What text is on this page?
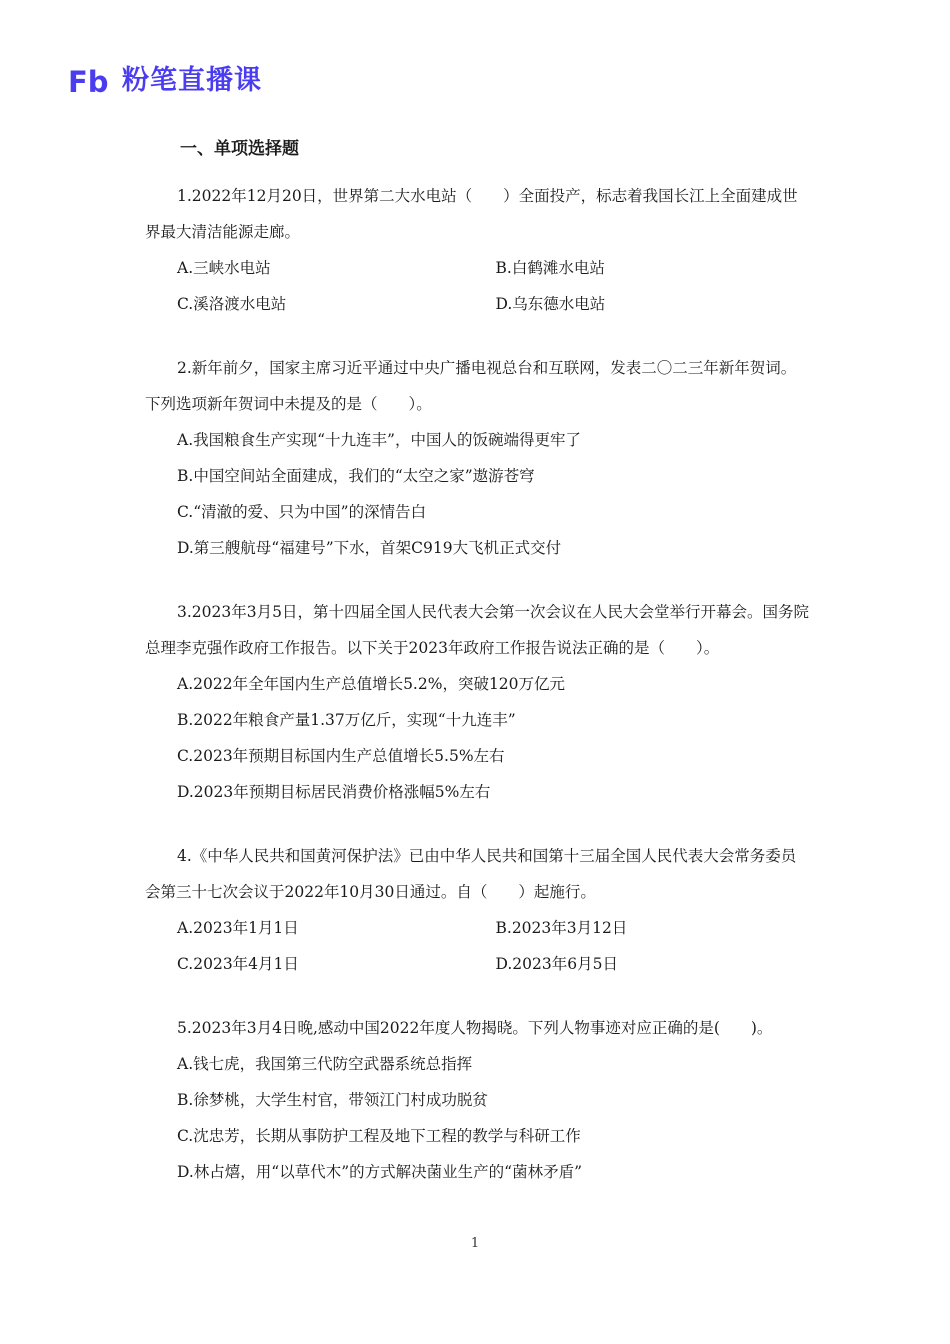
Fb 粉笔直播课
一、单项选择题
1.2022年12月20日，世界第二大水电站（　　）全面投产，标志着我国长江上全面建成世界最大清洁能源走廊。
A.三峡水电站	B.白鹤滩水电站
C.溪洛渡水电站	D.乌东德水电站
2.新年前夕，国家主席习近平通过中央广播电视总台和互联网，发表二〇二三年新年贺词。下列选项新年贺词中未提及的是（　　）。
A.我国粮食生产实现“十九连丰”，中国人的饭碗端得更牢了
B.中国空间站全面建成，我们的“太空之家”遨游苍穹
C.“清澈的爱、只为中国”的深情告白
D.第三艘航母“福建号”下水，首架C919大飞机正式交付
3.2023年3月5日，第十四届全国人民代表大会第一次会议在人民大会堂举行开幕会。国务院总理李克强作政府工作报告。以下关于2023年政府工作报告说法正确的是（　　）。
A.2022年全年国内生产总值增长5.2%，突破120万亿元
B.2022年粮食产量1.37万亿斤，实现“十九连丰”
C.2023年预期目标国内生产总值增长5.5%左右
D.2023年预期目标居民消费价格涨幅5%左右
4.《中华人民共和国黄河保护法》已由中华人民共和国第十三届全国人民代表大会常务委员会第三十七次会议于2022年10月30日通过。自（　　）起施行。
A.2023年1月1日	B.2023年3月12日
C.2023年4月1日	D.2023年6月5日
5.2023年3月4日晚,感动中国2022年度人物揭晓。下列人物事迹对应正确的是(　　)。
A.钱七虎，我国第三代防空武器系统总指挥
B.徐梦桃，大学生村官，带领江门村成功脱贫
C.沈忠芳，长期从事防护工程及地下工程的教学与科研工作
D.林占熺，用“以草代木”的方式解决菌业生产的“菌林矛盾”
1
